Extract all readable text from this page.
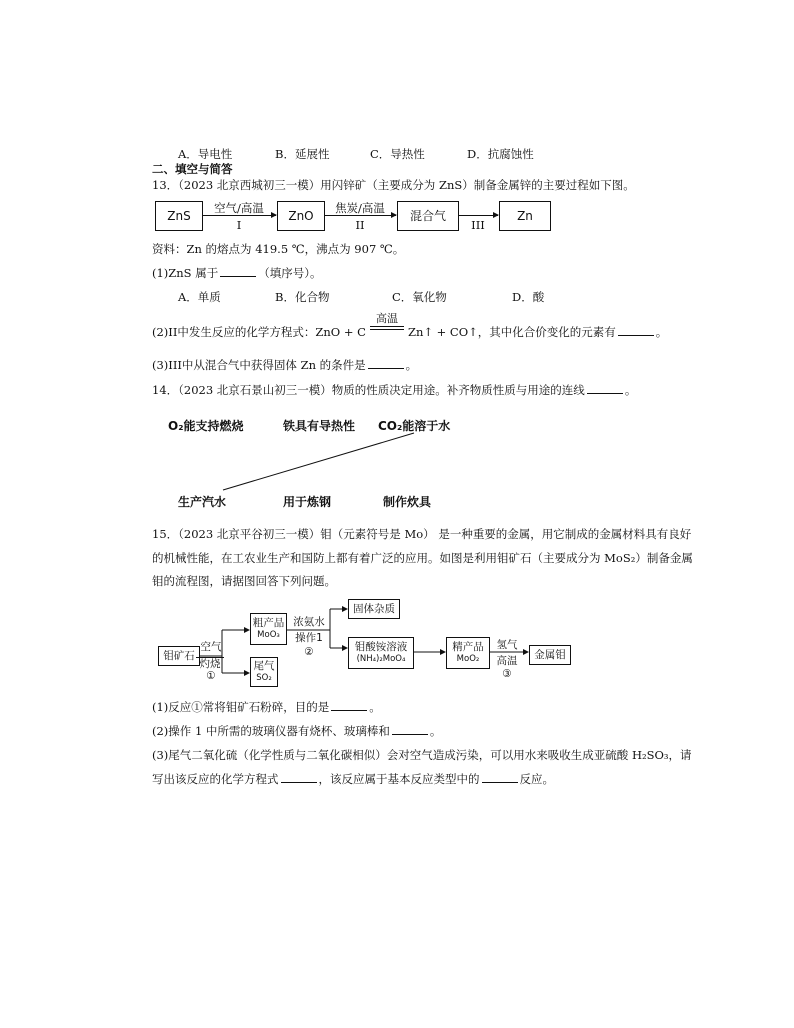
A．导电性	B．延展性	C．导热性	D．抗腐蚀性
二、填空与简答
13．（2023 北京西城初三一模）用闪锌矿（主要成分为 ZnS）制备金属锌的主要过程如下图。
ZnS
空气/高温
I
ZnO
焦炭/高温
II
混合气
III
Zn
资料：Zn 的熔点为 419.5 ℃，沸点为 907 ℃。
(1)ZnS 属于	（填序号）。
A．单质	B．化合物	C．氧化物	D．酸
(2)II中发生反应的化学方程式：ZnO + C
高温
Zn↑ + CO↑，其中化合价变化的元素有	。
(3)III中从混合气中获得固体 Zn 的条件是	。
14．（2023 北京石景山初三一模）物质的性质决定用途。补齐物质性质与用途的连线	。
O₂能支持燃烧	铁具有导热性 CO₂能溶于水
生产汽水	用于炼钢	制作炊具
15．（2023 北京平谷初三一模）钼（元素符号是 Mo） 是一种重要的金属，用它制成的金属材料具有良好
的机械性能，在工农业生产和国防上都有着广泛的应用。如图是利用钼矿石（主要成分为 MoS₂）制备金属
钼的流程图，请据图回答下列问题。
钼矿石
空气
灼烧
①
粗产品
MoO₃
尾气
SO₂
浓氨水
操作1
②
固体杂质
钼酸铵溶液
(NH₄)₂MoO₄
精产品
MoO₂
氢气
高温
③
金属钼
(1)反应①常将钼矿石粉碎，目的是	。
(2)操作 1 中所需的玻璃仪器有烧杯、玻璃棒和	。
(3)尾气二氧化硫（化学性质与二氧化碳相似）会对空气造成污染，可以用水来吸收生成亚硫酸 H₂SO₃，请
写出该反应的化学方程式	，该反应属于基本反应类型中的	反应。
